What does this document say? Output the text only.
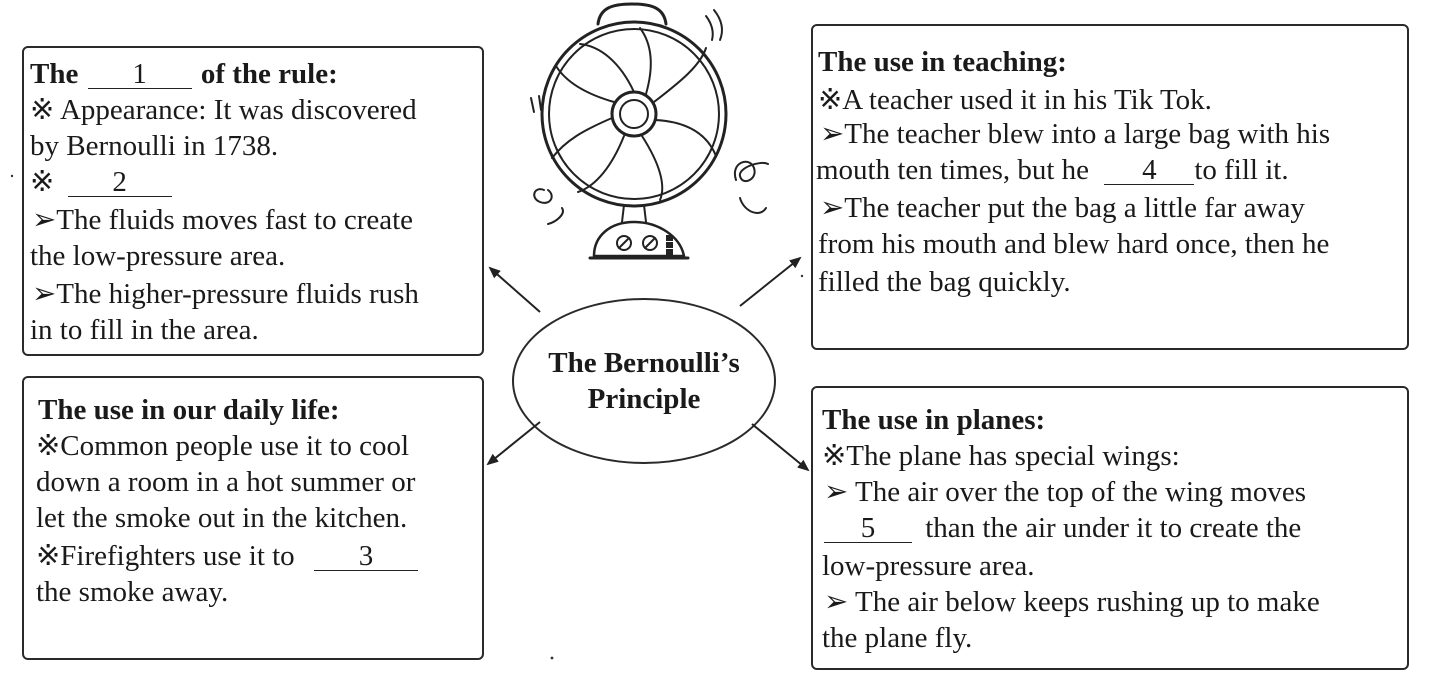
The 1 of the rule:
※ Appearance: It was discovered
by Bernoulli in 1738.
※ 2
➢The fluids moves fast to create
the low-pressure area.
➢The higher-pressure fluids rush
in to fill in the area.
The use in our daily life:
※Common people use it to cool
down a room in a hot summer or
let the smoke out in the kitchen.
※Firefighters use it to 3
the smoke away.
The use in teaching:
※A teacher used it in his Tik Tok.
➢The teacher blew into a large bag with his
mouth ten times, but he 4 to fill it.
➢The teacher put the bag a little far away
from his mouth and blew hard once, then he
filled the bag quickly.
The use in planes:
※The plane has special wings:
➢ The air over the top of the wing moves
5 than the air under it to create the
low-pressure area.
➢ The air below keeps rushing up to make
the plane fly.
The Bernoulli’s
Principle
